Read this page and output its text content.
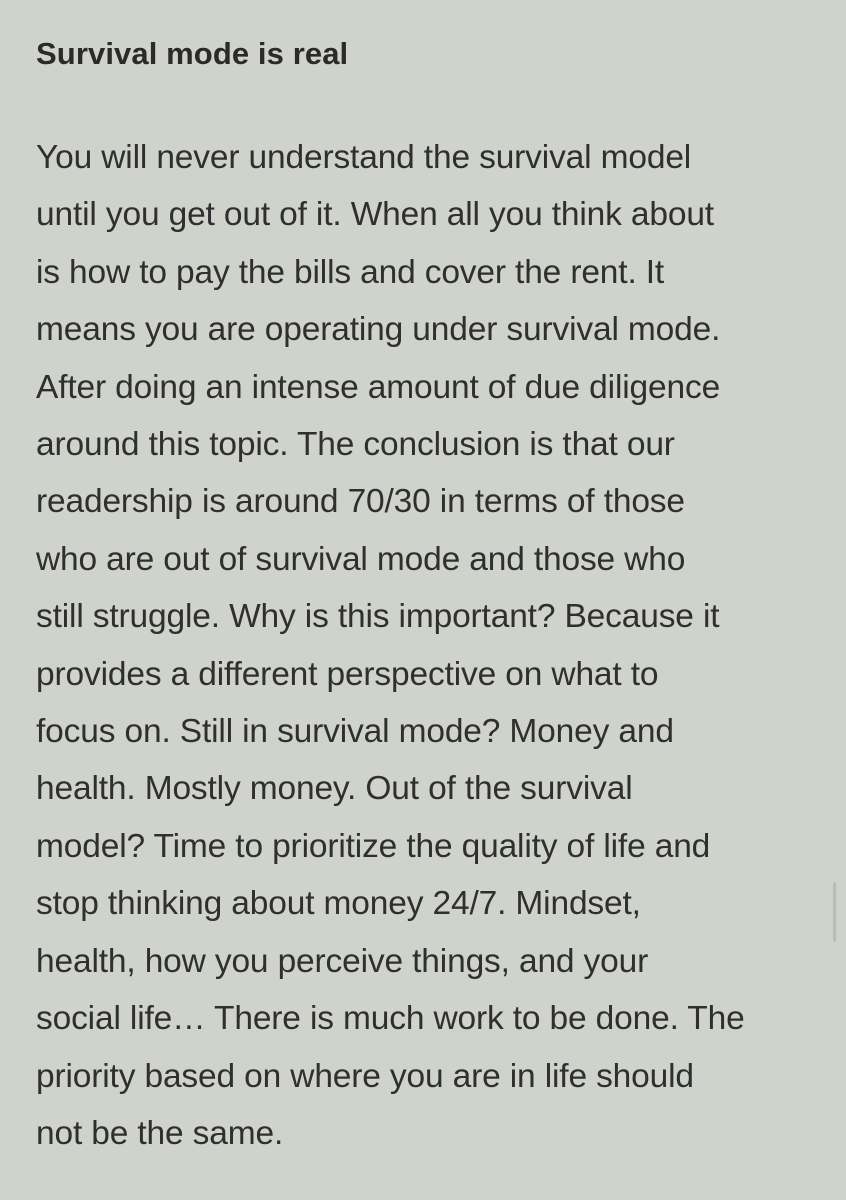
Survival mode is real

You will never understand the survival model
until you get out of it. When all you think about
is how to pay the bills and cover the rent. It
means you are operating under survival mode.
After doing an intense amount of due diligence
around this topic. The conclusion is that our
readership is around 70/30 in terms of those
who are out of survival mode and those who
still struggle. Why is this important? Because it
provides a different perspective on what to
focus on. Still in survival mode? Money and
health. Mostly money. Out of the survival
model? Time to prioritize the quality of life and
stop thinking about money 24/7. Mindset,
health, how you perceive things, and your
social life… There is much work to be done. The
priority based on where you are in life should
not be the same.
